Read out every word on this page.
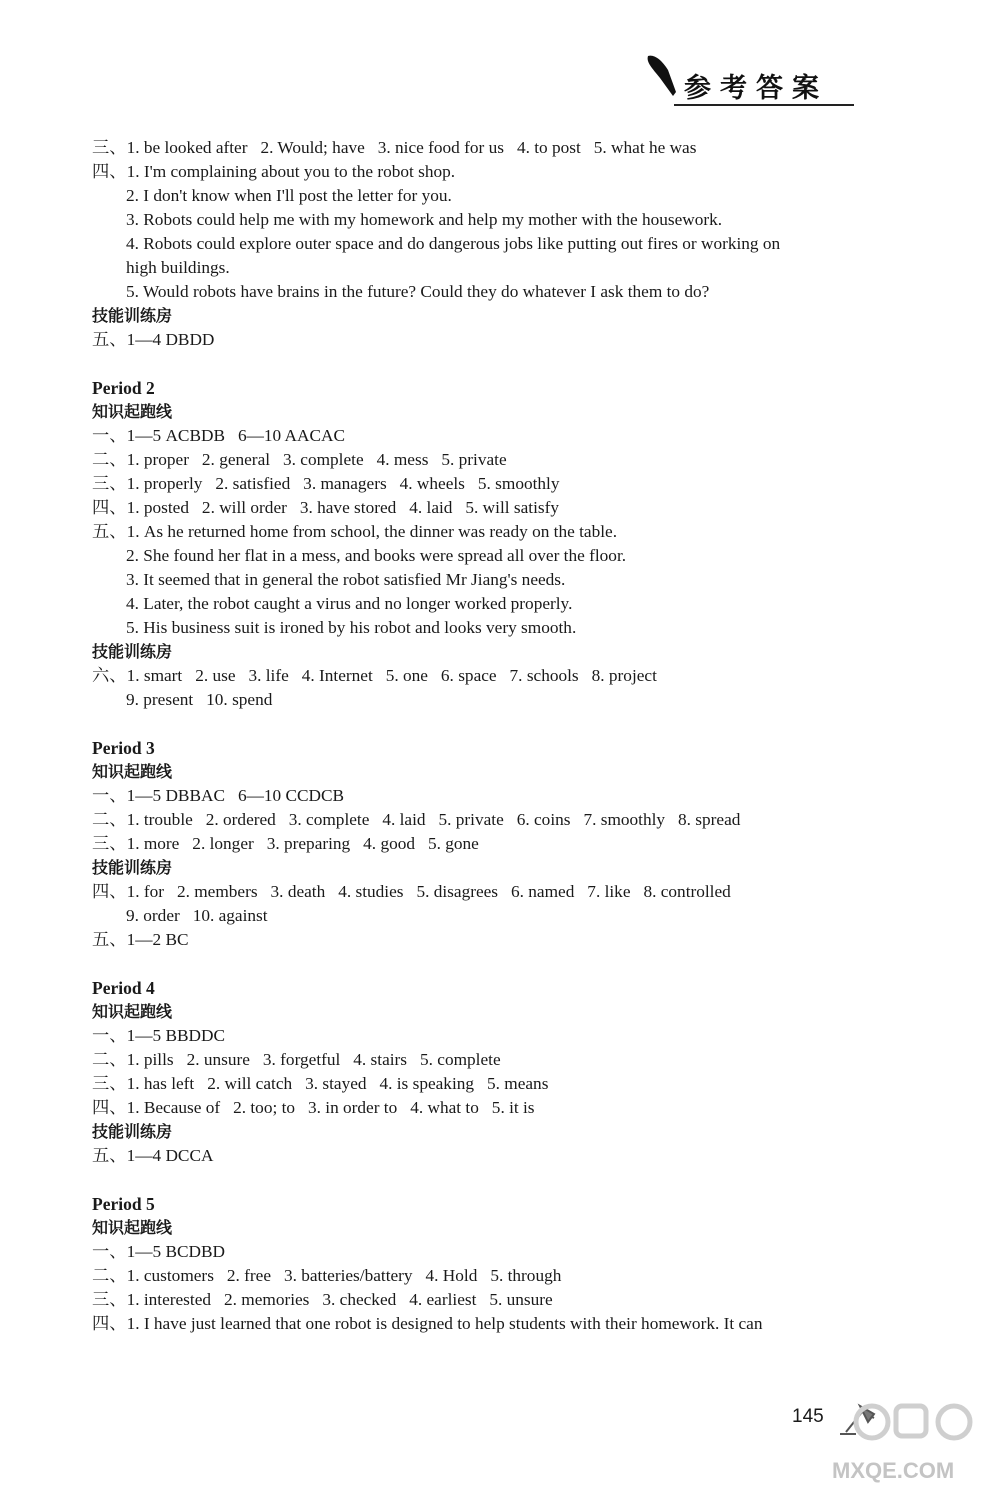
参考答案
三、1. be looked after   2. Would; have   3. nice food for us   4. to post   5. what he was
四、1. I'm complaining about you to the robot shop.
2. I don't know when I'll post the letter for you.
3. Robots could help me with my homework and help my mother with the housework.
4. Robots could explore outer space and do dangerous jobs like putting out fires or working on
high buildings.
5. Would robots have brains in the future? Could they do whatever I ask them to do?
技能训练房
五、1—4 DBDD
Period 2
知识起跑线
一、1—5 ACBDB   6—10 AACAC
二、1. proper   2. general   3. complete   4. mess   5. private
三、1. properly   2. satisfied   3. managers   4. wheels   5. smoothly
四、1. posted   2. will order   3. have stored   4. laid   5. will satisfy
五、1. As he returned home from school, the dinner was ready on the table.
2. She found her flat in a mess, and books were spread all over the floor.
3. It seemed that in general the robot satisfied Mr Jiang's needs.
4. Later, the robot caught a virus and no longer worked properly.
5. His business suit is ironed by his robot and looks very smooth.
技能训练房
六、1. smart   2. use   3. life   4. Internet   5. one   6. space   7. schools   8. project
9. present   10. spend
Period 3
知识起跑线
一、1—5 DBBAC   6—10 CCDCB
二、1. trouble   2. ordered   3. complete   4. laid   5. private   6. coins   7. smoothly   8. spread
三、1. more   2. longer   3. preparing   4. good   5. gone
技能训练房
四、1. for   2. members   3. death   4. studies   5. disagrees   6. named   7. like   8. controlled
9. order   10. against
五、1—2 BC
Period 4
知识起跑线
一、1—5 BBDDC
二、1. pills   2. unsure   3. forgetful   4. stairs   5. complete
三、1. has left   2. will catch   3. stayed   4. is speaking   5. means
四、1. Because of   2. too; to   3. in order to   4. what to   5. it is
技能训练房
五、1—4 DCCA
Period 5
知识起跑线
一、1—5 BCDBD
二、1. customers   2. free   3. batteries/battery   4. Hold   5. through
三、1. interested   2. memories   3. checked   4. earliest   5. unsure
四、1. I have just learned that one robot is designed to help students with their homework. It can
145
MXQE.COM
